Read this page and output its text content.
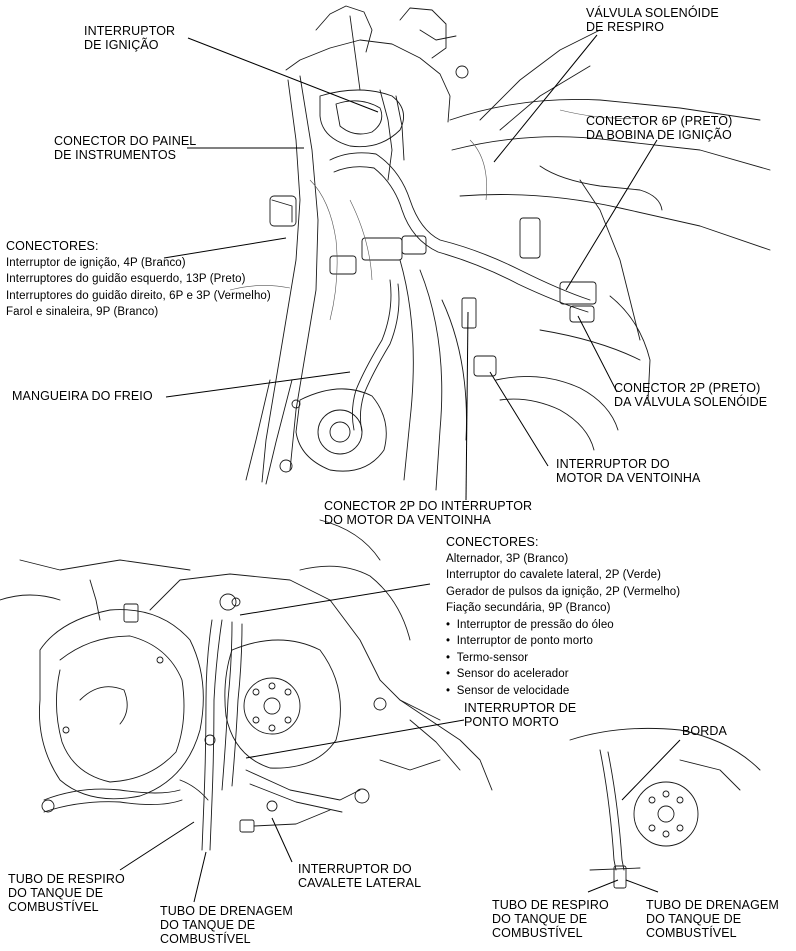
INTERRUPTOR
DE IGNIÇÃO
VÁLVULA SOLENÓIDE
DE RESPIRO
CONECTOR DO PAINEL
DE INSTRUMENTOS
CONECTOR 6P (PRETO)
DA BOBINA DE IGNIÇÃO
CONECTORES:
Interruptor de ignição, 4P (Branco)
Interruptores do guidão esquerdo, 13P (Preto)
Interruptores do guidão direito, 6P e 3P (Vermelho)
Farol e sinaleira, 9P (Branco)
MANGUEIRA DO FREIO
CONECTOR 2P (PRETO)
DA VÁLVULA SOLENÓIDE
INTERRUPTOR DO
MOTOR DA VENTOINHA
CONECTOR 2P DO INTERRUPTOR
DO MOTOR DA VENTOINHA
CONECTORES:
Alternador, 3P (Branco)
Interruptor do cavalete lateral, 2P (Verde)
Gerador de pulsos da ignição, 2P (Vermelho)
Fiação secundária, 9P (Branco)
• Interruptor de pressão do óleo
• Interruptor de ponto morto
• Termo-sensor
• Sensor do acelerador
• Sensor de velocidade
INTERRUPTOR DE
PONTO MORTO
BORDA
TUBO DE RESPIRO
DO TANQUE DE
COMBUSTÍVEL	TUBO DE DRENAGEM
DO TANQUE DE
COMBUSTÍVEL
INTERRUPTOR DO
CAVALETE LATERAL
TUBO DE RESPIRO
DO TANQUE DE
COMBUSTÍVEL
TUBO DE DRENAGEM
DO TANQUE DE
COMBUSTÍVEL
